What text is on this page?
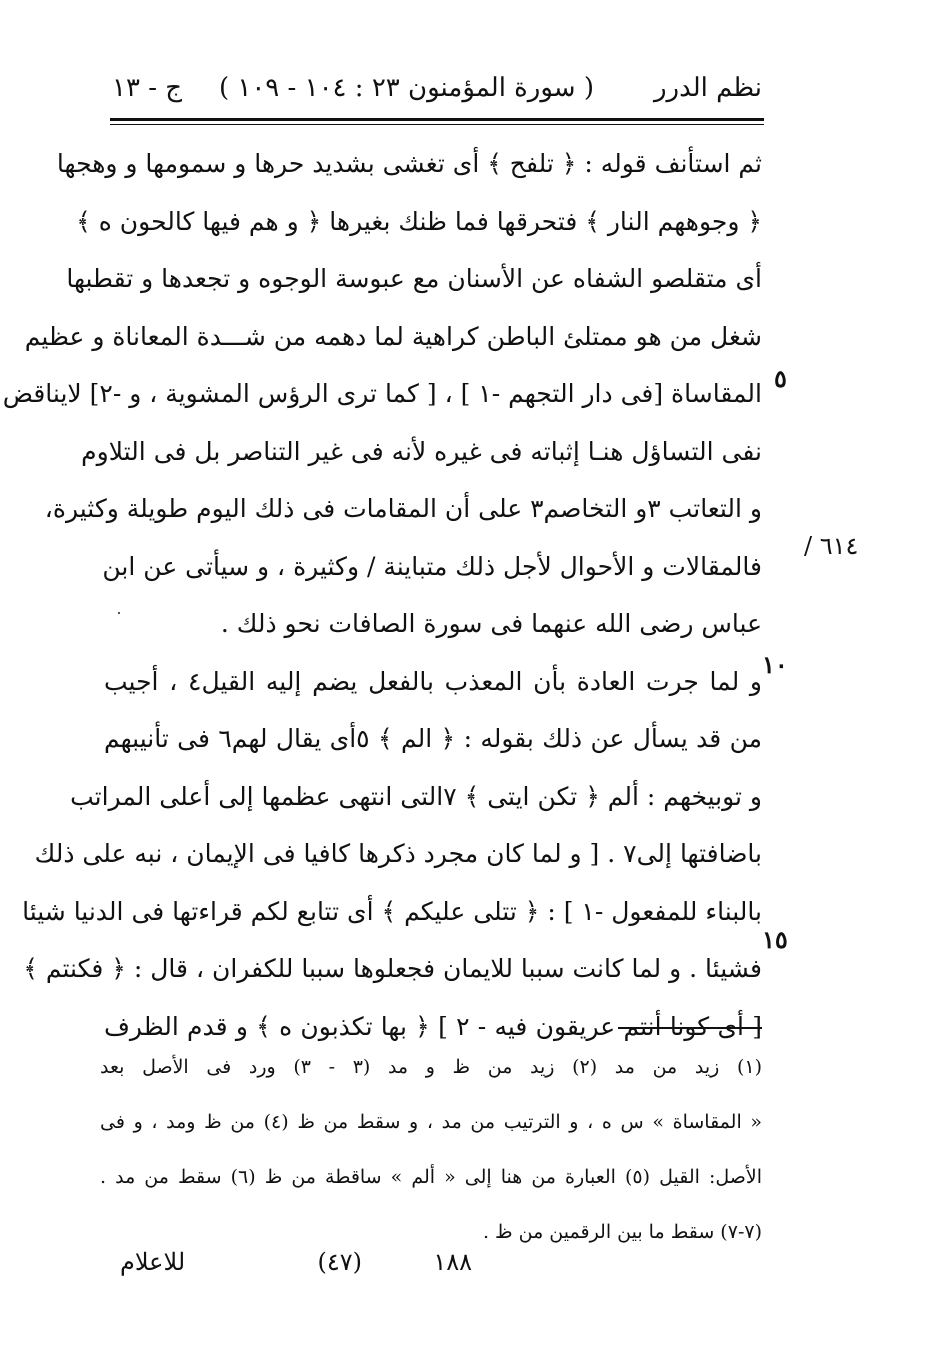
نظم الدرر
( سورة المؤمنون ٢٣ : ١٠٤ - ١٠٩ )
ج - ١٣
ثم استأنف قوله : ﴿ تلفح ﴾ أى تغشى بشديد حرها و سمومها و وهجها
﴿ وجوههم النار ﴾ فتحرقها فما ظنك بغيرها ﴿ و هم فيها كالحون ه ﴾
أى متقلصو الشفاه عن الأسنان مع عبوسة الوجوه و تجعدها و تقطبها
شغل من هو ممتلئ الباطن كراهية لما دهمه من شـــدة المعاناة و عظيم
المقاساة [فى دار التجهم -١ ] ، [ كما ترى الرؤس المشوية ، و -٢] لايناقض
نفى التساؤل هنـا إثباته فى غيره لأنه فى غير التناصر بل فى التلاوم
و التعاتب ٣و التخاصم٣ على أن المقامات فى ذلك اليوم طويلة وكثيرة،
فالمقالات و الأحوال لأجل ذلك متباينة / وكثيرة ، و سيأتى عن ابن
عباس رضى الله عنهما فى سورة الصافات نحو ذلك .
و لما جرت العادة بأن المعذب بالفعل يضم إليه القيل٤ ، أجيب
من قد يسأل عن ذلك بقوله : ﴿ الم ﴾ ٥أى يقال لهم٦ فى تأنيبهم
و توبيخهم : ألم ﴿ تكن ايتى ﴾ ٧التى انتهى عظمها إلى أعلى المراتب
باضافتها إلى٧ . [ و لما كان مجرد ذكرها كافيا فى الإيمان ، نبه على ذلك
بالبناء للمفعول -١ ] : ﴿ تتلى عليكم ﴾ أى تتابع لكم قراءتها فى الدنيا شيئا
فشيئا . و لما كانت سببا للايمان فجعلوها سببا للكفران ، قال : ﴿ فكنتم ﴾
[ أى كونا أنتم عريقون فيه - ٢ ] ﴿ بها تكذبون ه ﴾ و قدم الظرف
٥
١٠
١٥
٦١٤ /
(١) زيد من مد (٢) زيد من ظ و مد (٣ - ٣) ورد فى الأصل بعد
« المقاساة » س ه ، و الترتيب من مد ، و سقط من ظ (٤) من ظ ومد ، و فى
الأصل: القيل (٥) العبارة من هنا إلى « ألم » ساقطة من ظ (٦) سقط من مد .
(٧-٧) سقط ما بين الرقمين من ظ .
١٨٨
(٤٧)
للاعلام
